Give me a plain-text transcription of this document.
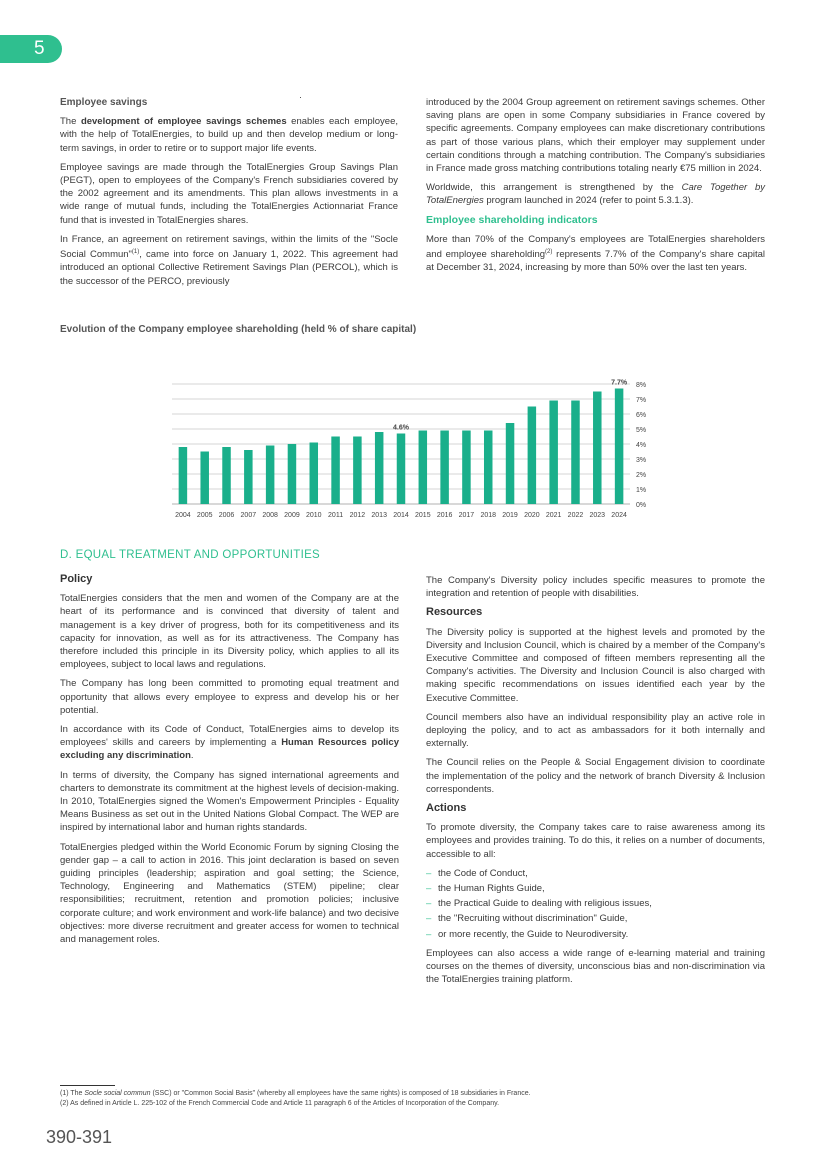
5
Employee savings

The development of employee savings schemes enables each employee, with the help of TotalEnergies, to build up and then develop medium or long-term savings, in order to retire or to support major life events.

Employee savings are made through the TotalEnergies Group Savings Plan (PEGT), open to employees of the Company's French subsidiaries covered by the 2002 agreement and its amendments. This plan allows investments in a wide range of mutual funds, including the TotalEnergies Actionnariat France fund that is invested in TotalEnergies shares.

In France, an agreement on retirement savings, within the limits of the "Socle Social Commun"$^{(1)}$, came into force on January 1, 2022. This agreement had introduced an optional Collective Retirement Savings Plan (PERCOL), which is the successor of the PERCO, previously

introduced by the 2004 Group agreement on retirement savings schemes. Other saving plans are open in some Company subsidiaries in France covered by specific agreements. Company employees can make discretionary contributions as part of those various plans, which their employer may supplement under certain conditions through a matching contribution. The Company's subsidiaries in France made gross matching contributions totaling nearly €75 million in 2024.

Worldwide, this arrangement is strengthened by the Care Together by TotalEnergies program launched in 2024 (refer to point 5.3.1.3).

Employee shareholding indicators

More than 70% of the Company's employees are TotalEnergies shareholders and employee shareholding$^{(2)}$ represents 7.7% of the Company's share capital at December 31, 2024, increasing by more than 50% over the last ten years.

Evolution of the Company employee shareholding (held % of share capital)
0%
1%
2%
3%
4%
5%
6%
7%
8%
2004 2005 2006 2007 2008 2009 2010 2011 2012 2013 2014
4.6%
2015 2016 2017 2018 2019 2020 2021 2022 2023 2024
7.7%
D. EQUAL TREATMENT AND OPPORTUNITIES
Policy

TotalEnergies considers that the men and women of the Company are at the heart of its performance and is convinced that diversity of talent and management is a key driver of progress, both for its competitiveness and its capacity for innovation, as well as for its attractiveness. The Company has therefore included this principle in its Diversity policy, which applies to all its employees, subject to local laws and regulations.

The Company has long been committed to promoting equal treatment and opportunity that allows every employee to express and develop his or her potential.

In accordance with its Code of Conduct, TotalEnergies aims to develop its employees' skills and careers by implementing a Human Resources policy excluding any discrimination.

In terms of diversity, the Company has signed international agreements and charters to demonstrate its commitment at the highest levels of decision-making. In 2010, TotalEnergies signed the Women's Empowerment Principles - Equality Means Business as set out in the United Nations Global Compact. The WEP are inspired by international labor and human rights standards.

TotalEnergies pledged within the World Economic Forum by signing Closing the gender gap – a call to action in 2016. This joint declaration is based on seven guiding principles (leadership; aspiration and goal setting; the Science, Technology, Engineering and Mathematics (STEM) pipeline; clear responsibilities; recruitment, retention and promotion policies; inclusive corporate culture; and work environment and work-life balance) and two decisive objectives: more diverse recruitment and greater access for women to technical and management roles.

The Company's Diversity policy includes specific measures to promote the integration and retention of people with disabilities.

Resources

The Diversity policy is supported at the highest levels and promoted by the Diversity and Inclusion Council, which is chaired by a member of the Company's Executive Committee and composed of fifteen members representing all the Company's activities. The Diversity and Inclusion Council is also charged with making specific recommendations on issues identified each year by the Executive Committee.

Council members also have an individual responsibility play an active role in deploying the policy, and to act as ambassadors for it both internally and externally.

The Council relies on the People & Social Engagement division to coordinate the implementation of the policy and the network of branch Diversity & Inclusion correspondents.

Actions

To promote diversity, the Company takes care to raise awareness among its employees and provides training. To do this, it relies on a number of documents, accessible to all:

– the Code of Conduct,
– the Human Rights Guide,
– the Practical Guide to dealing with religious issues,
– the "Recruiting without discrimination" Guide,
– or more recently, the Guide to Neurodiversity.

Employees can also access a wide range of e-learning material and training courses on the themes of diversity, unconscious bias and non-discrimination via the TotalEnergies training platform.

(1) The Socle social commun (SSC) or "Common Social Basis" (whereby all employees have the same rights) is composed of 18 subsidiaries in France.
(2) As defined in Article L. 225-102 of the French Commercial Code and Article 11 paragraph 6 of the Articles of Incorporation of the Company.
390-391
